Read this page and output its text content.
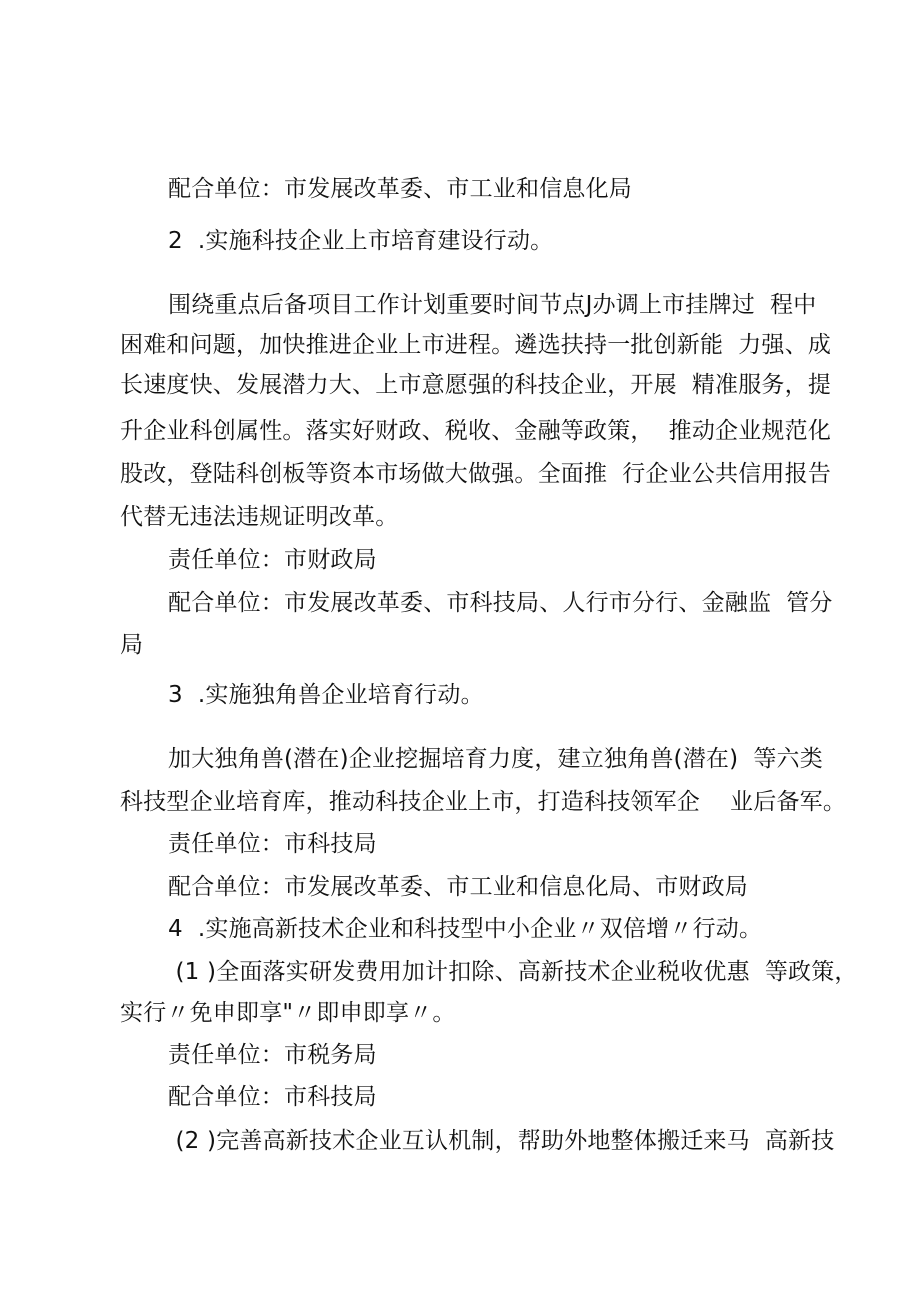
配合单位：市发展改革委、市工业和信息化局
2  .实施科技企业上市培育建设行动。
围绕重点后备项目工作计划重要时间节点J办调上市挂牌过  程中
困难和问题，加快推进企业上市进程。遴选扶持一批创新能  力强、成
长速度快、发展潜力大、上市意愿强的科技企业，开展  精准服务，提
升企业科创属性。落实好财政、税收、金融等政策，  推动企业规范化
股改，登陆科创板等资本市场做大做强。全面推  行企业公共信用报告
代替无违法违规证明改革。
责任单位：市财政局
配合单位：市发展改革委、市科技局、人行市分行、金融监  管分
局
3  .实施独角兽企业培育行动。
加大独角兽(潜在)企业挖掘培育力度，建立独角兽(潜在)  等六类
科技型企业培育库，推动科技企业上市，打造科技领军企    业后备军。
责任单位：市科技局
配合单位：市发展改革委、市工业和信息化局、市财政局
4  .实施高新技术企业和科技型中小企业〃双倍增〃行动。
(1 )全面落实研发费用加计扣除、高新技术企业税收优惠  等政策，
实行〃免申即享"〃即申即享〃。
责任单位：市税务局
配合单位：市科技局
(2 )完善高新技术企业互认机制，帮助外地整体搬迁来马  高新技
